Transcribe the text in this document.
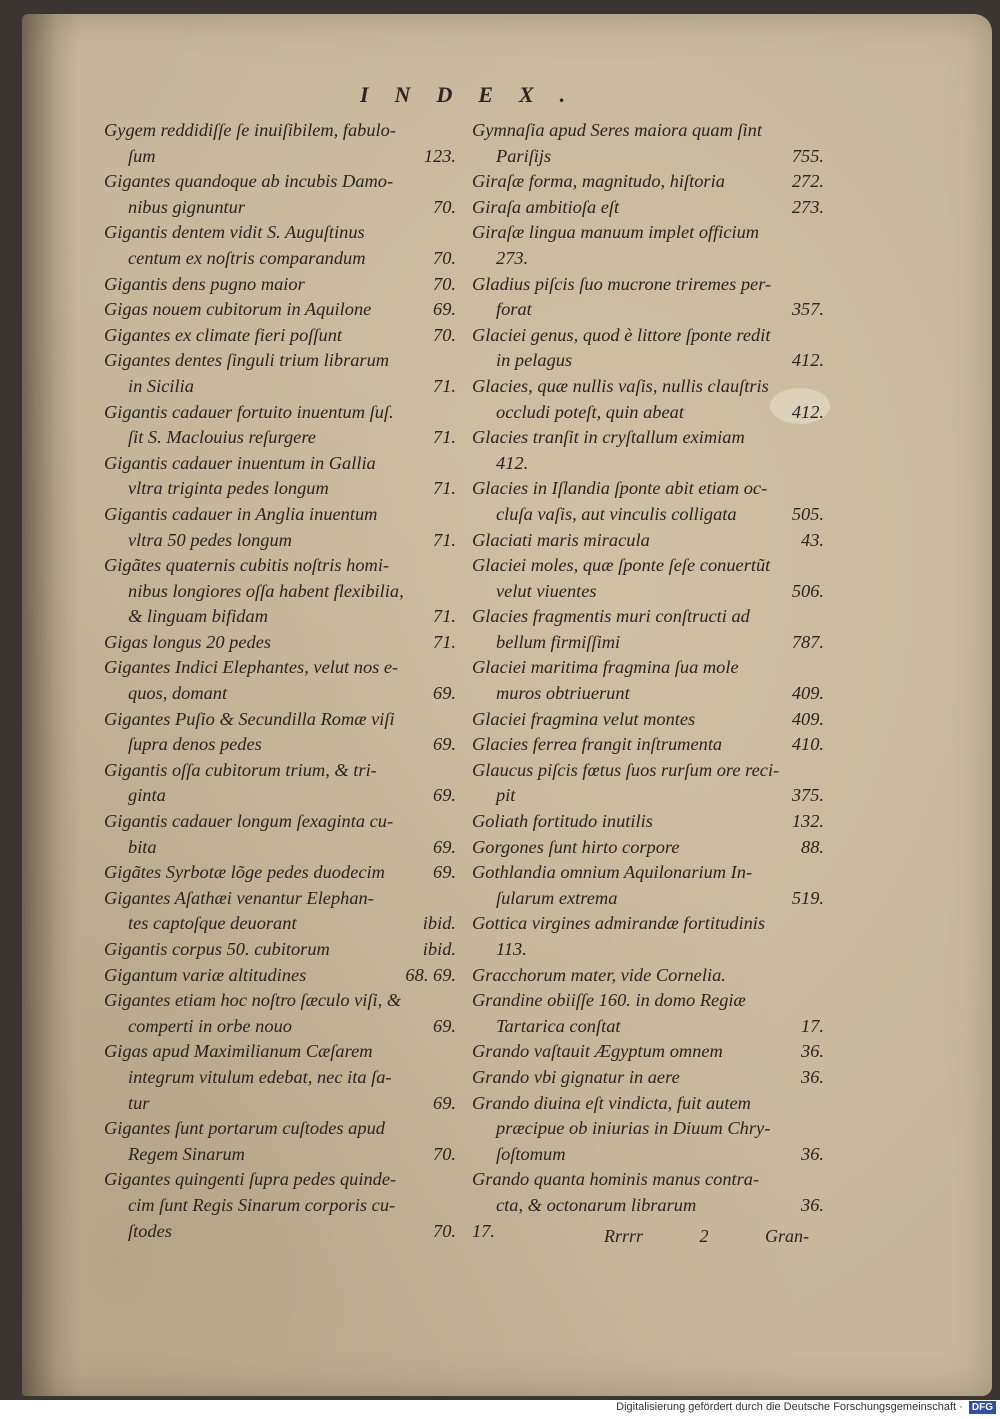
INDEX.
Gygem reddidiſſe ſe inuiſibilem, fabulo-
ſum	123.
Gigantes quandoque ab incubis Damo-
nibus gignuntur	70.
Gigantis dentem vidit S. Auguſtinus
centum ex noſtris comparandum	70.
Gigantis dens pugno maior	70.
Gigas nouem cubitorum in Aquilone	69.
Gigantes ex climate fieri poſſunt	70.
Gigantes dentes ſinguli trium librarum
in Sicilia	71.
Gigantis cadauer fortuito inuentum ſuſ.
ſit S. Maclouius reſurgere	71.
Gigantis cadauer inuentum in Gallia
vltra triginta pedes longum	71.
Gigantis cadauer in Anglia inuentum
vltra 50 pedes longum	71.
Gigãtes quaternis cubitis noſtris homi-
nibus longiores oſſa habent flexibilia,
& linguam bifidam	71.
Gigas longus 20 pedes	71.
Gigantes Indici Elephantes, velut nos e-
quos, domant	69.
Gigantes Puſio & Secundilla Romæ viſi
ſupra denos pedes	69.
Gigantis oſſa cubitorum trium, & tri-
ginta	69.
Gigantis cadauer longum ſexaginta cu-
bita	69.
Gigãtes Syrbotæ lõge pedes duodecim	69.
Gigantes Aſathæi venantur Elephan-
tes captoſque deuorant	ibid.
Gigantis corpus 50. cubitorum	ibid.
Gigantum variæ altitudines	68. 69.
Gigantes etiam hoc noſtro ſæculo viſi, &
comperti in orbe nouo	69.
Gigas apud Maximilianum Cæſarem
integrum vitulum edebat, nec ita ſa-
tur	69.
Gigantes ſunt portarum cuſtodes apud
Regem Sinarum	70.
Gigantes quingenti ſupra pedes quinde-
cim ſunt Regis Sinarum corporis cu-
ſtodes	70.
Gymnaſia apud Seres maiora quam ſint
Pariſijs	755.
Giraſæ forma, magnitudo, hiſtoria	272.
Giraſa ambitioſa eſt	273.
Giraſæ lingua manuum implet officium
273.
Gladius piſcis ſuo mucrone triremes per-
forat	357.
Glaciei genus, quod è littore ſponte redit
in pelagus	412.
Glacies, quæ nullis vaſis, nullis clauſtris
occludi poteſt, quin abeat	412.
Glacies tranſit in cryſtallum eximiam
412.
Glacies in Iſlandia ſponte abit etiam oc-
cluſa vaſis, aut vinculis colligata	505.
Glaciati maris miracula	43.
Glaciei moles, quæ ſponte ſeſe conuertũt
velut viuentes	506.
Glacies fragmentis muri conſtructi ad
bellum firmiſſimi	787.
Glaciei maritima fragmina ſua mole
muros obtriuerunt	409.
Glaciei fragmina velut montes	409.
Glacies ferrea frangit inſtrumenta	410.
Glaucus piſcis fœtus ſuos rurſum ore reci-
pit	375.
Goliath fortitudo inutilis	132.
Gorgones ſunt hirto corpore	88.
Gothlandia omnium Aquilonarium In-
ſularum extrema	519.
Gottica virgines admirandæ fortitudinis
113.
Gracchorum mater, vide Cornelia.
Grandine obiiſſe 160. in domo Regiæ
Tartarica conſtat	17.
Grando vaſtauit Ægyptum omnem	36.
Grando vbi gignatur in aere	36.
Grando diuina eſt vindicta, fuit autem
præcipue ob iniurias in Diuum Chry-
ſoſtomum	36.
Grando quanta hominis manus contra-
cta, & octonarum librarum	36.
17.	Rrrrr	2	Gran-
Digitalisierung gefördert durch die Deutsche Forschungsgemeinschaft · DFG
